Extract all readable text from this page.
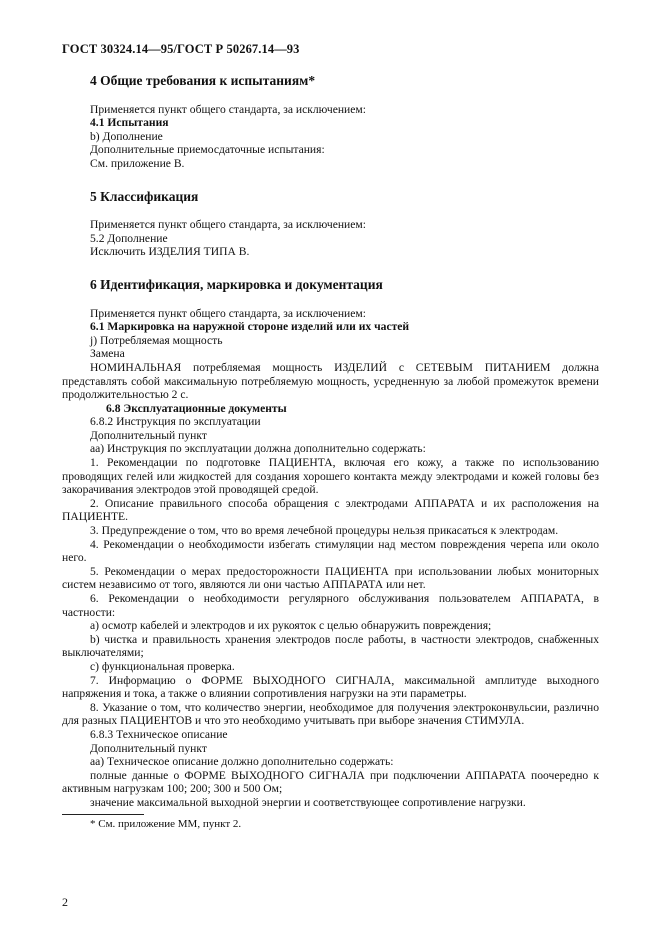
ГОСТ 30324.14—95/ГОСТ Р 50267.14—93
4 Общие требования к испытаниям*

Применяется пункт общего стандарта, за исключением:

4.1 Испытания

b) Дополнение

Дополнительные приемосдаточные испытания:

См. приложение В.

5 Классификация

Применяется пункт общего стандарта, за исключением:

5.2 Дополнение

Исключить ИЗДЕЛИЯ ТИПА В.

6 Идентификация, маркировка и документация

Применяется пункт общего стандарта, за исключением:

6.1 Маркировка на наружной стороне изделий или их частей

j) Потребляемая мощность

Замена

НОМИНАЛЬНАЯ потребляемая мощность ИЗДЕЛИЙ с СЕТЕВЫМ ПИТАНИЕМ должна представлять собой максимальную потребляемую мощность, усредненную за любой промежуток времени продолжительностью 2 с.

6.8 Эксплуатационные документы

6.8.2 Инструкция по эксплуатации

Дополнительный пункт

аа) Инструкция по эксплуатации должна дополнительно содержать:

1. Рекомендации по подготовке ПАЦИЕНТА, включая его кожу, а также по использованию проводящих гелей или жидкостей для создания хорошего контакта между электродами и кожей головы без закорачивания электродов этой проводящей средой.

2. Описание правильного способа обращения с электродами АППАРАТА и их расположения на ПАЦИЕНТЕ.

3. Предупреждение о том, что во время лечебной процедуры нельзя прикасаться к электродам.

4. Рекомендации о необходимости избегать стимуляции над местом повреждения черепа или около него.

5. Рекомендации о мерах предосторожности ПАЦИЕНТА при использовании любых мониторных систем независимо от того, являются ли они частью АППАРАТА или нет.

6. Рекомендации о необходимости регулярного обслуживания пользователем АППАРАТА, в частности:

a) осмотр кабелей и электродов и их рукояток с целью обнаружить повреждения;

b) чистка и правильность хранения электродов после работы, в частности электродов, снабженных выключателями;

c) функциональная проверка.

7. Информацию о ФОРМЕ ВЫХОДНОГО СИГНАЛА, максимальной амплитуде выходного напряжения и тока, а также о влиянии сопротивления нагрузки на эти параметры.

8. Указание о том, что количество энергии, необходимое для получения электроконвульсии, различно для разных ПАЦИЕНТОВ и что это необходимо учитывать при выборе значения СТИМУЛА.

6.8.3 Техническое описание

Дополнительный пункт

аа) Техническое описание должно дополнительно содержать:

полные данные о ФОРМЕ ВЫХОДНОГО СИГНАЛА при подключении АППАРАТА поочередно к активным нагрузкам 100; 200; 300 и 500 Ом;

значение максимальной выходной энергии и соответствующее сопротивление нагрузки.

* См. приложение ММ, пункт 2.

2
